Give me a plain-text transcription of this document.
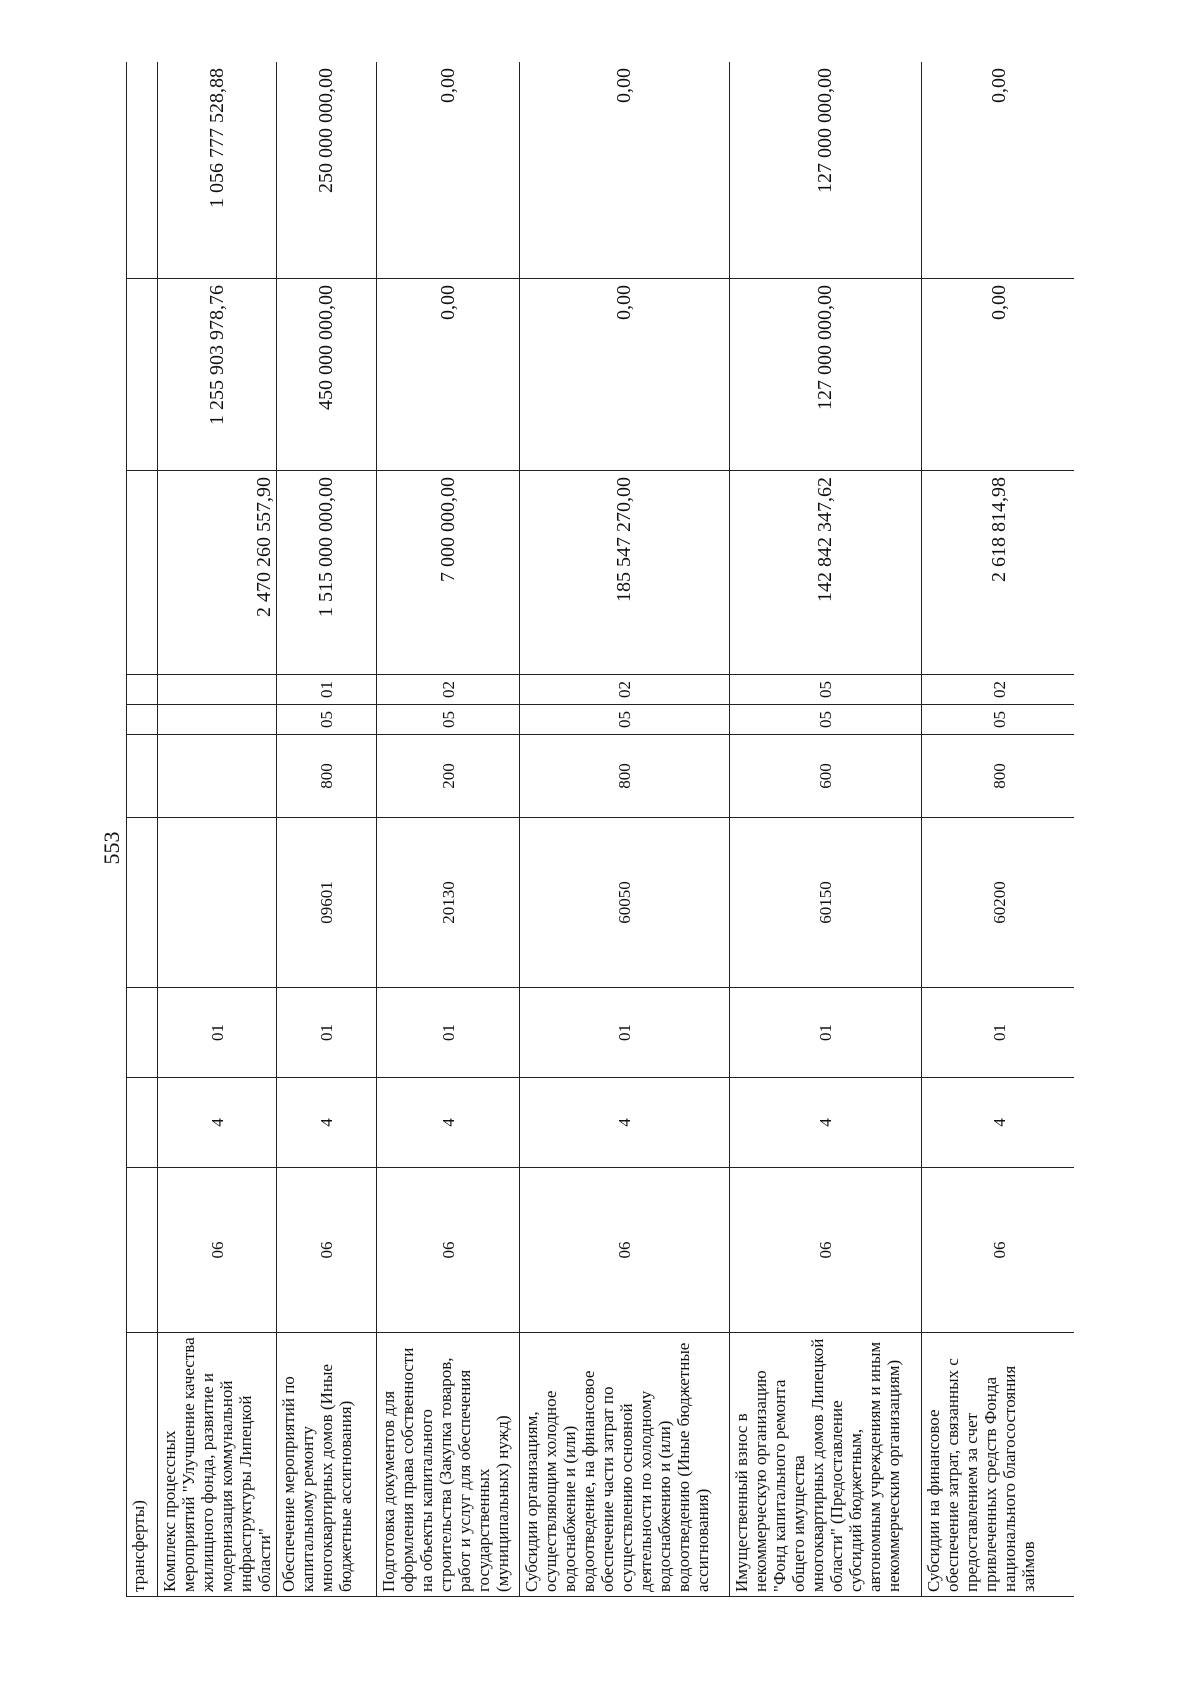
553
трансферты)										
Комплекс процессных мероприятий "Улучшение качества жилищного фонда, развитие и модернизация коммунальной инфраструктуры Липецкой области"	06	4	01					2 470 260 557,90	1 255 903 978,76	1 056 777 528,88
Обеспечение мероприятий по капитальному ремонту многоквартирных домов (Иные бюджетные ассигнования)	06	4	01	09601	800	05	01	1 515 000 000,00	450 000 000,00	250 000 000,00
Подготовка документов для оформления права собственности на объекты капитального строительства (Закупка товаров, работ и услуг для обеспечения государственных (муниципальных) нужд)	06	4	01	20130	200	05	02	7 000 000,00	0,00	0,00
Субсидии организациям, осуществляющим холодное водоснабжение и (или) водоотведение, на финансовое обеспечение части затрат по осуществлению основной деятельности по холодному водоснабжению и (или) водоотведению (Иные бюджетные ассигнования)	06	4	01	60050	800	05	02	185 547 270,00	0,00	0,00
Имущественный взнос в некоммерческую организацию "Фонд капитального ремонта общего имущества многоквартирных домов Липецкой области" (Предоставление субсидий бюджетным, автономным учреждениям и иным некоммерческим организациям)	06	4	01	60150	600	05	05	142 842 347,62	127 000 000,00	127 000 000,00
Субсидии на финансовое обеспечение затрат, связанных с предоставлением за счет привлеченных средств Фонда национального благосостояния займов	06	4	01	60200	800	05	02	2 618 814,98	0,00	0,00
